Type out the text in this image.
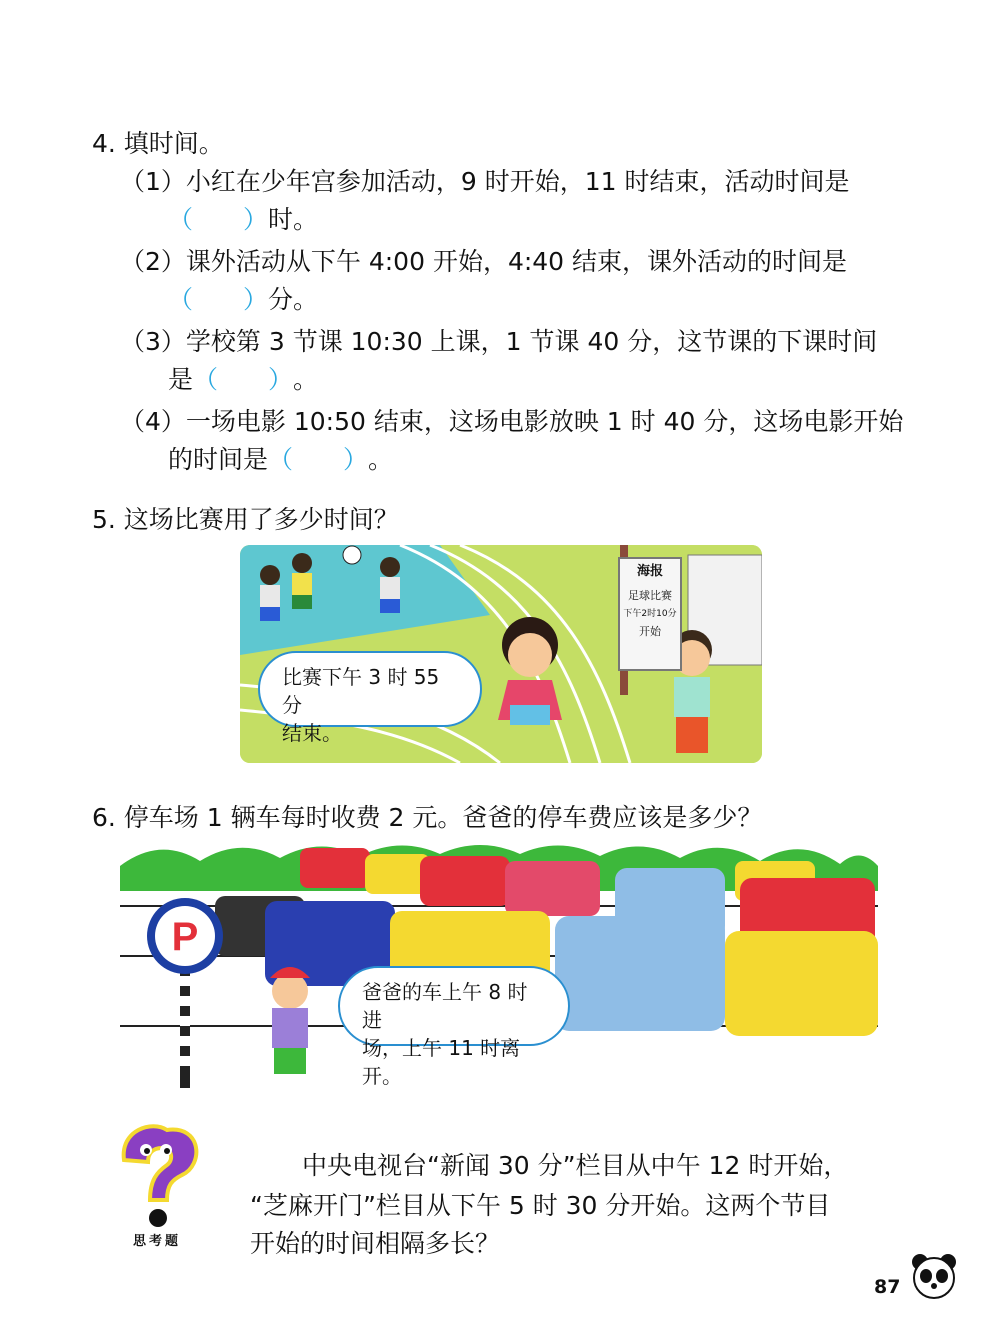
4. 填时间。
（1）小红在少年宫参加活动，9 时开始，11 时结束，活动时间是
（ ）时。
（2）课外活动从下午 4:00 开始，4:40 结束，课外活动的时间是
（ ）分。
（3）学校第 3 节课 10:30 上课，1 节课 40 分，这节课的下课时间
是（ ）。
（4）一场电影 10:50 结束，这场电影放映 1 时 40 分，这场电影开始
的时间是（ ）。
5. 这场比赛用了多少时间？
海报
足球比赛
下午2时10分
开始
比赛下午 3 时 55 分
结束。
6. 停车场 1 辆车每时收费 2 元。爸爸的停车费应该是多少？
P
爸爸的车上午 8 时进
场，上午 11 时离开。
思考题
中央电视台“新闻 30 分”栏目从中午 12 时开始，
“芝麻开门”栏目从下午 5 时 30 分开始。这两个节目
开始的时间相隔多长？
87
